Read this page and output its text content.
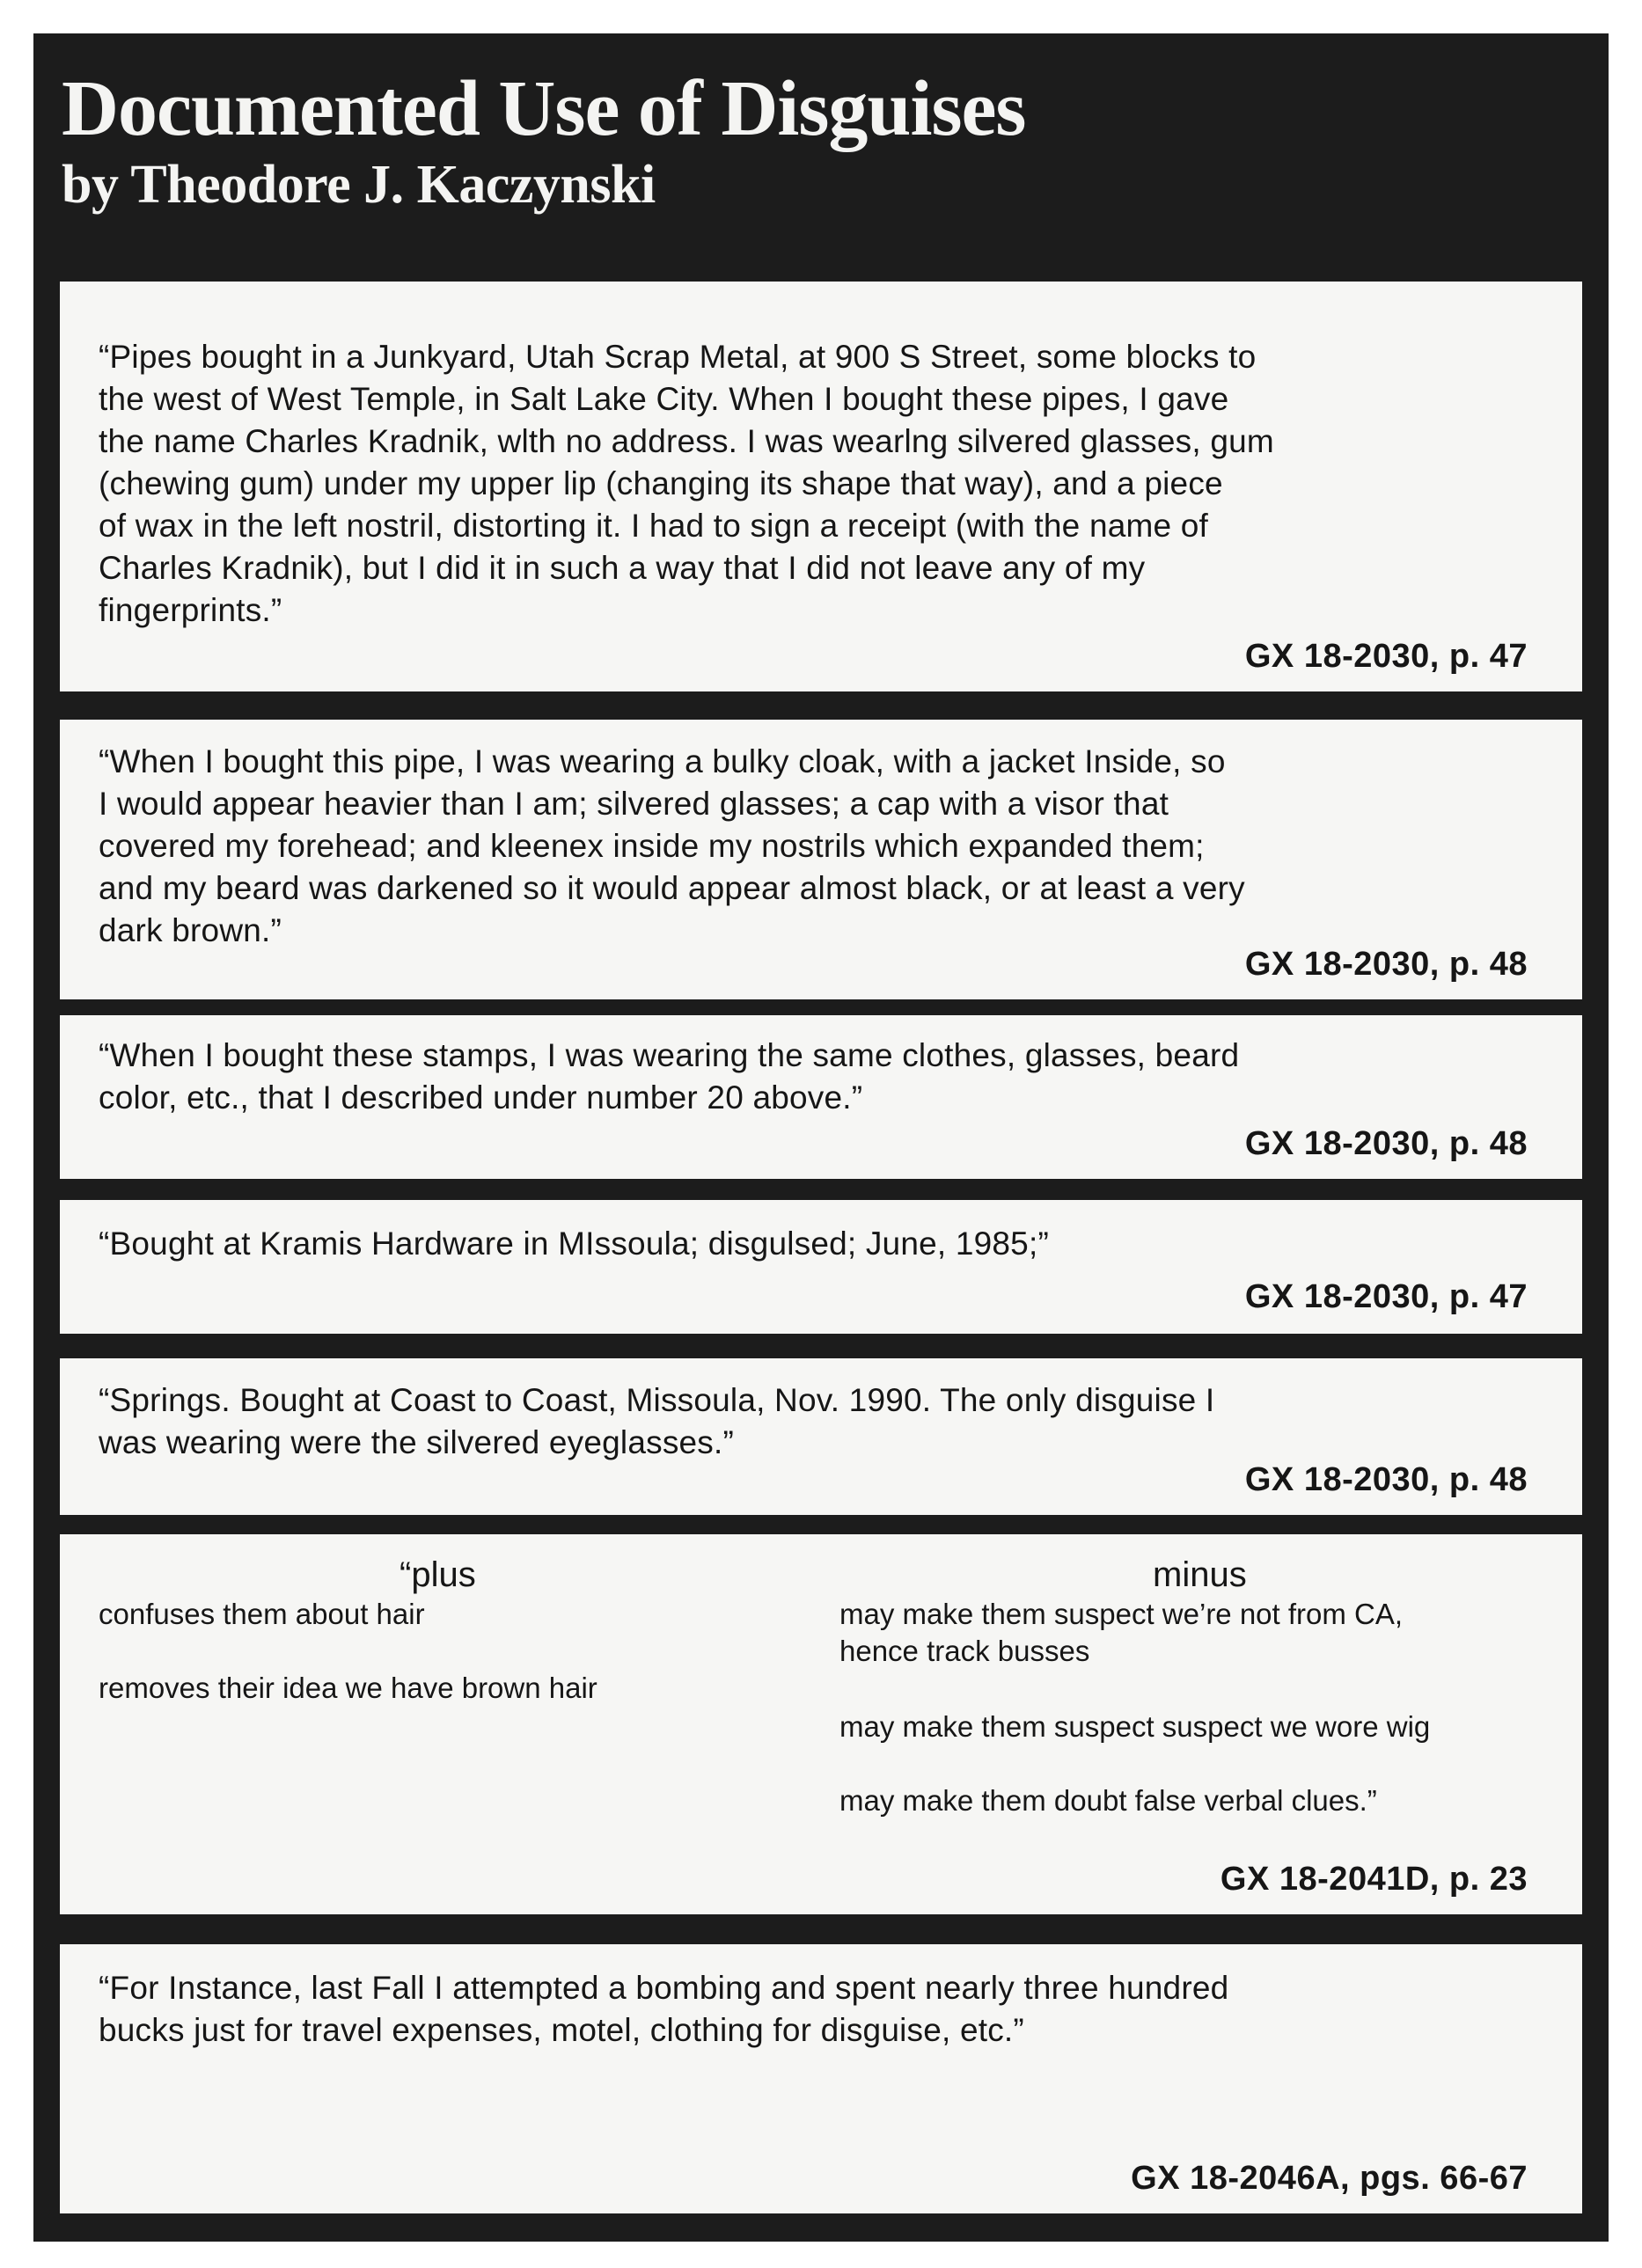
Documented Use of Disguises

by Theodore J. Kaczynski

“Pipes bought in a Junkyard, Utah Scrap Metal, at 900 S Street, some blocks to
the west of West Temple, in Salt Lake City. When I bought these pipes, I gave
the name Charles Kradnik, wlth no address. I was wearlng silvered glasses, gum
(chewing gum) under my upper lip (changing its shape that way), and a piece
of wax in the left nostril, distorting it. I had to sign a receipt (with the name of
Charles Kradnik), but I did it in such a way that I did not leave any of my
fingerprints.”

GX 18-2030, p. 47

“When I bought this pipe, I was wearing a bulky cloak, with a jacket Inside, so
I would appear heavier than I am; silvered glasses; a cap with a visor that
covered my forehead; and kleenex inside my nostrils which expanded them;
and my beard was darkened so it would appear almost black, or at least a very
dark brown.”

GX 18-2030, p. 48

“When I bought these stamps, I was wearing the same clothes, glasses, beard
color, etc., that I described under number 20 above.”

GX 18-2030, p. 48

“Bought at Kramis Hardware in MIssoula; disgulsed; June, 1985;”

GX 18-2030, p. 47

“Springs. Bought at Coast to Coast, Missoula, Nov. 1990. The only disguise I
was wearing were the silvered eyeglasses.”

GX 18-2030, p. 48

“plus

confuses them about hair

removes their idea we have brown hair

minus

may make them suspect we’re not from CA,
hence track busses

may make them suspect suspect we wore wig

may make them doubt false verbal clues.”

GX 18-2041D, p. 23

“For Instance, last Fall I attempted a bombing and spent nearly three hundred
bucks just for travel expenses, motel, clothing for disguise, etc.”

GX 18-2046A, pgs. 66-67
